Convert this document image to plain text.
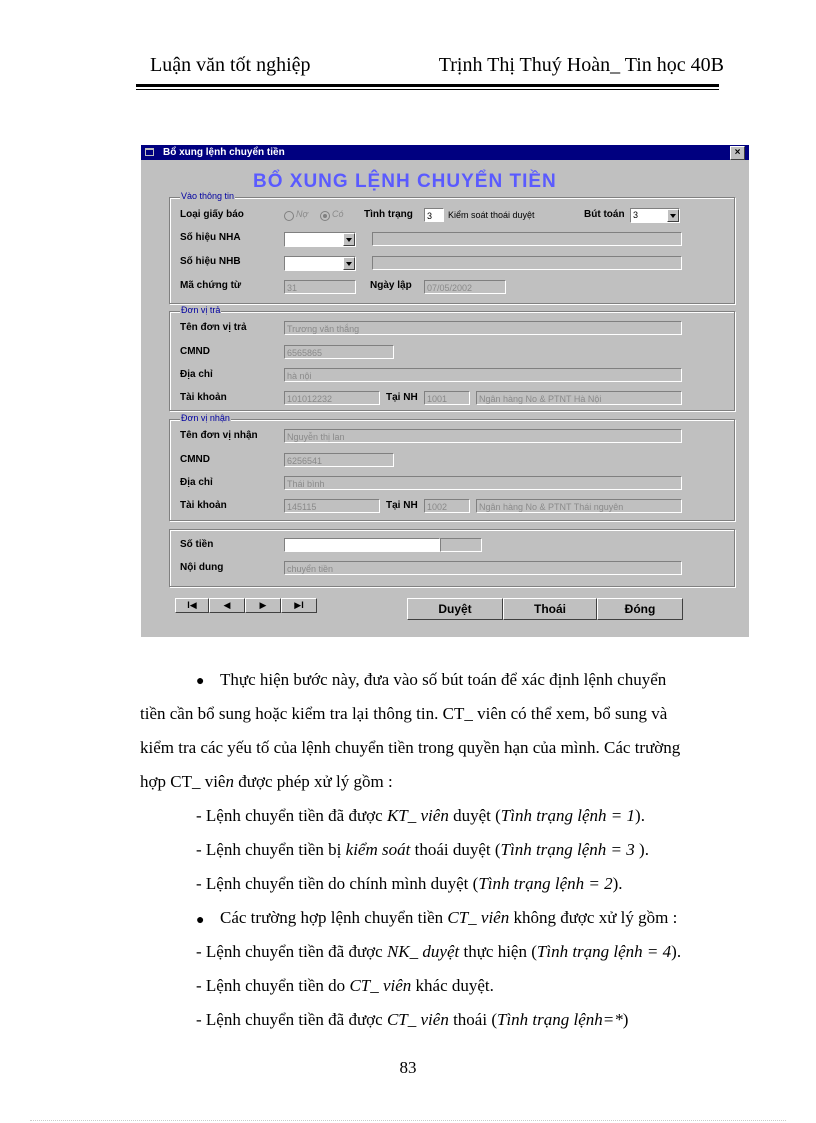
Luận văn tốt nghiệp	Trịnh Thị Thuý Hoàn_ Tin học 40B
Bổ xung lệnh chuyển tiền	×
BỔ XUNG LỆNH CHUYỂN TIỀN
Vào thông tin
Loại giấy báo	Nợ	Có Tình trạng	3	Kiểm soát thoái duyệt	Bút toán 3
Số hiệu NHA
Số hiệu NHB
Mã chứng từ	31	Ngày lập	07/05/2002
Đơn vị trả
Tên đơn vị trả	Trương văn thắng
CMND	6565865
Địa chỉ	hà nội
Tài khoản	101012232	Tại NH	1001	Ngân hàng No & PTNT Hà Nội
Đơn vị nhận
Tên đơn vị nhận	Nguyễn thị lan
CMND	6256541
Địa chỉ	Thái bình
Tài khoản	145115	Tại NH	1002	Ngân hàng No & PTNT Thái nguyên
Số tiền
Nội dung	chuyển tiền
I◀	◀	▶	▶I	Duyệt	Thoái	Đóng
● Thực hiện bước này, đưa vào số bút toán để xác định lệnh chuyển
tiền cần bổ sung hoặc kiểm tra lại thông tin. CT_ viên có thể xem, bổ sung và
kiểm tra các yếu tố của lệnh chuyển tiền trong quyền hạn của mình. Các trường
hợp CT_ viên được phép xử lý gồm :
- Lệnh chuyển tiền đã được KT_ viên duyệt (Tình trạng lệnh = 1).
- Lệnh chuyển tiền bị kiểm soát thoái duyệt (Tình trạng lệnh = 3 ).
- Lệnh chuyển tiền do chính mình duyệt (Tình trạng lệnh = 2).
● Các trường hợp lệnh chuyển tiền CT_ viên không được xử lý gồm :
- Lệnh chuyển tiền đã được NK_ duyệt thực hiện (Tình trạng lệnh = 4).
- Lệnh chuyển tiền do CT_ viên khác duyệt.
- Lệnh chuyển tiền đã được CT_ viên thoái (Tình trạng lệnh=*)
83
